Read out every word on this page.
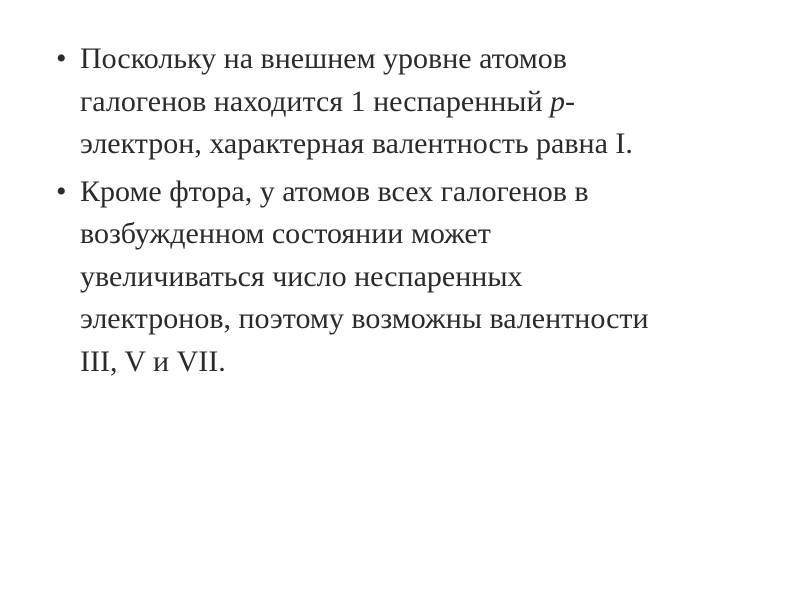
• Поскольку на внешнем уровне атомов
галогенов находится 1 неспаренный p-
электрон, характерная валентность равна I.
• Кроме фтора, у атомов всех галогенов в
возбужденном состоянии может
увеличиваться число неспаренных
электронов, поэтому возможны валентности
III, V и VII.
